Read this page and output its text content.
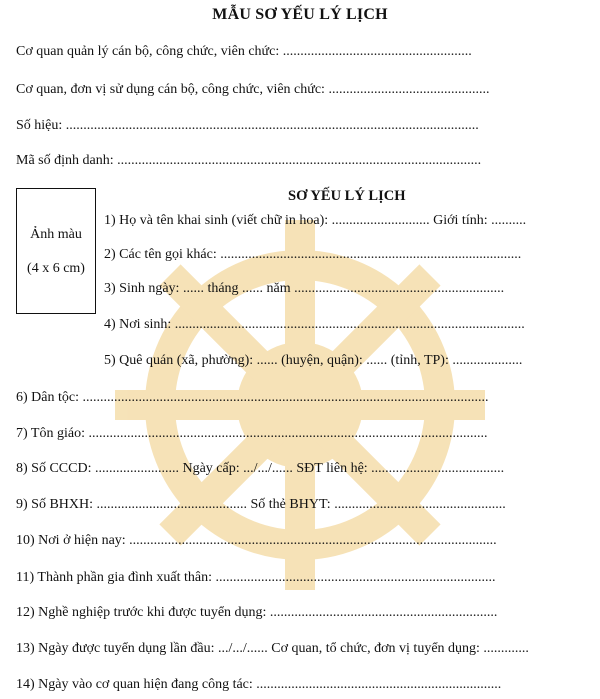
MẪU SƠ YẾU LÝ LỊCH
Cơ quan quản lý cán bộ, công chức, viên chức: ......................................................
Cơ quan, đơn vị sử dụng cán bộ, công chức, viên chức: ..............................................
Số hiệu: ......................................................................................................................
Mã số định danh: ........................................................................................................
Ảnh màu
(4 x 6 cm)
SƠ YẾU LÝ LỊCH
1) Họ và tên khai sinh (viết chữ in hoa): ............................ Giới tính: ..........
2) Các tên gọi khác: ......................................................................................
3) Sinh ngày: ...... tháng ...... năm ............................................................
4) Nơi sinh: ....................................................................................................
5) Quê quán (xã, phường): ...... (huyện, quận): ...... (tỉnh, TP): ....................
6) Dân tộc: ....................................................................................................................
7) Tôn giáo: ..................................................................................................................
8) Số CCCD: ........................ Ngày cấp: .../.../...... SĐT liên hệ: ......................................
9) Số BHXH: ........................................... Số thẻ BHYT: .................................................
10) Nơi ở hiện nay: .........................................................................................................
11) Thành phần gia đình xuất thân: ................................................................................
12) Nghề nghiệp trước khi được tuyển dụng: .................................................................
13) Ngày được tuyển dụng lần đầu: .../.../...... Cơ quan, tổ chức, đơn vị tuyển dụng: .............
14) Ngày vào cơ quan hiện đang công tác: ......................................................................
